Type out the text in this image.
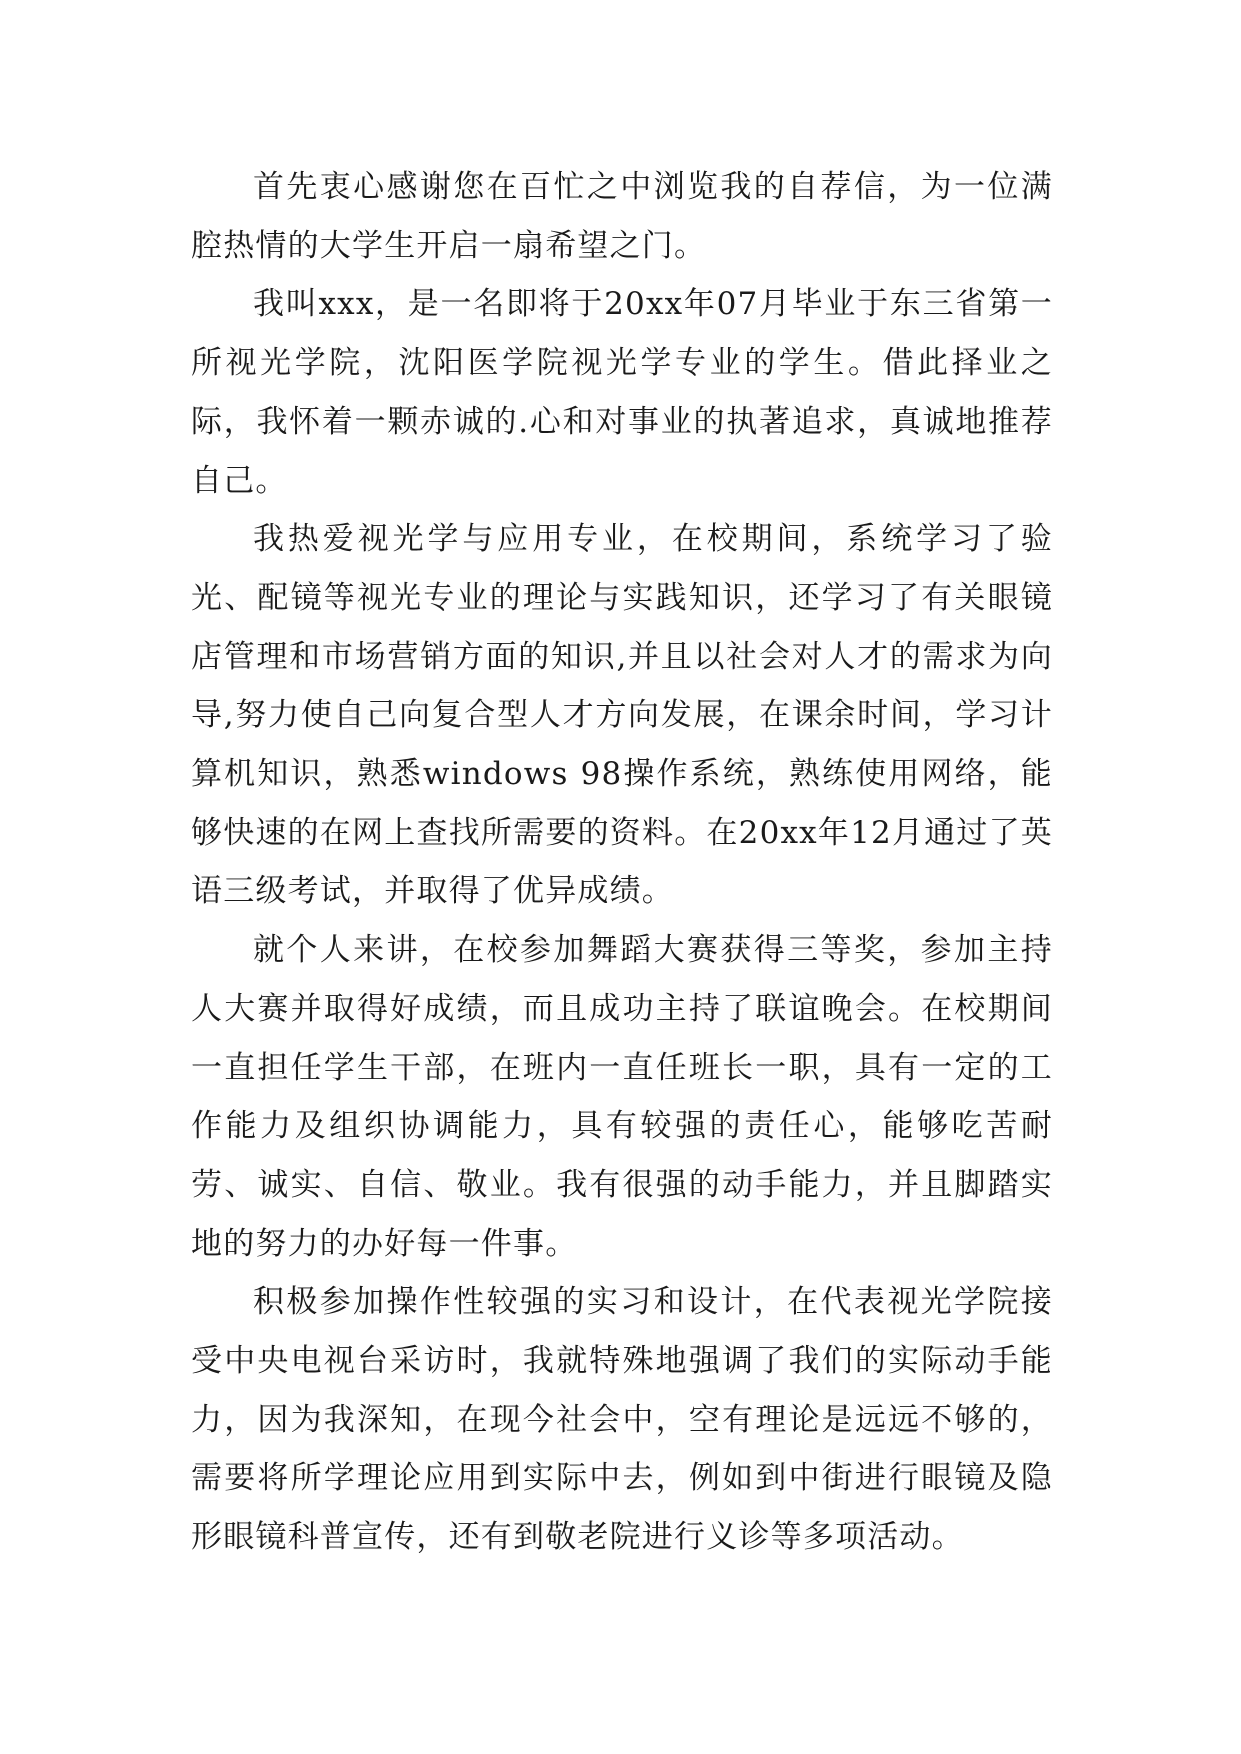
首先衷心感谢您在百忙之中浏览我的自荐信，为一位满腔热情的大学生开启一扇希望之门。

我叫xxx，是一名即将于20xx年07月毕业于东三省第一所视光学院，沈阳医学院视光学专业的学生。借此择业之际，我怀着一颗赤诚的.心和对事业的执著追求，真诚地推荐自己。

我热爱视光学与应用专业，在校期间，系统学习了验光、配镜等视光专业的理论与实践知识，还学习了有关眼镜店管理和市场营销方面的知识,并且以社会对人才的需求为向导,努力使自己向复合型人才方向发展，在课余时间，学习计算机知识，熟悉windows 98操作系统，熟练使用网络，能够快速的在网上查找所需要的资料。在20xx年12月通过了英语三级考试，并取得了优异成绩。

就个人来讲，在校参加舞蹈大赛获得三等奖，参加主持人大赛并取得好成绩，而且成功主持了联谊晚会。在校期间一直担任学生干部，在班内一直任班长一职，具有一定的工作能力及组织协调能力，具有较强的责任心，能够吃苦耐劳、诚实、自信、敬业。我有很强的动手能力，并且脚踏实地的努力的办好每一件事。

积极参加操作性较强的实习和设计，在代表视光学院接受中央电视台采访时，我就特殊地强调了我们的实际动手能力，因为我深知，在现今社会中，空有理论是远远不够的，需要将所学理论应用到实际中去，例如到中街进行眼镜及隐形眼镜科普宣传，还有到敬老院进行义诊等多项活动。
